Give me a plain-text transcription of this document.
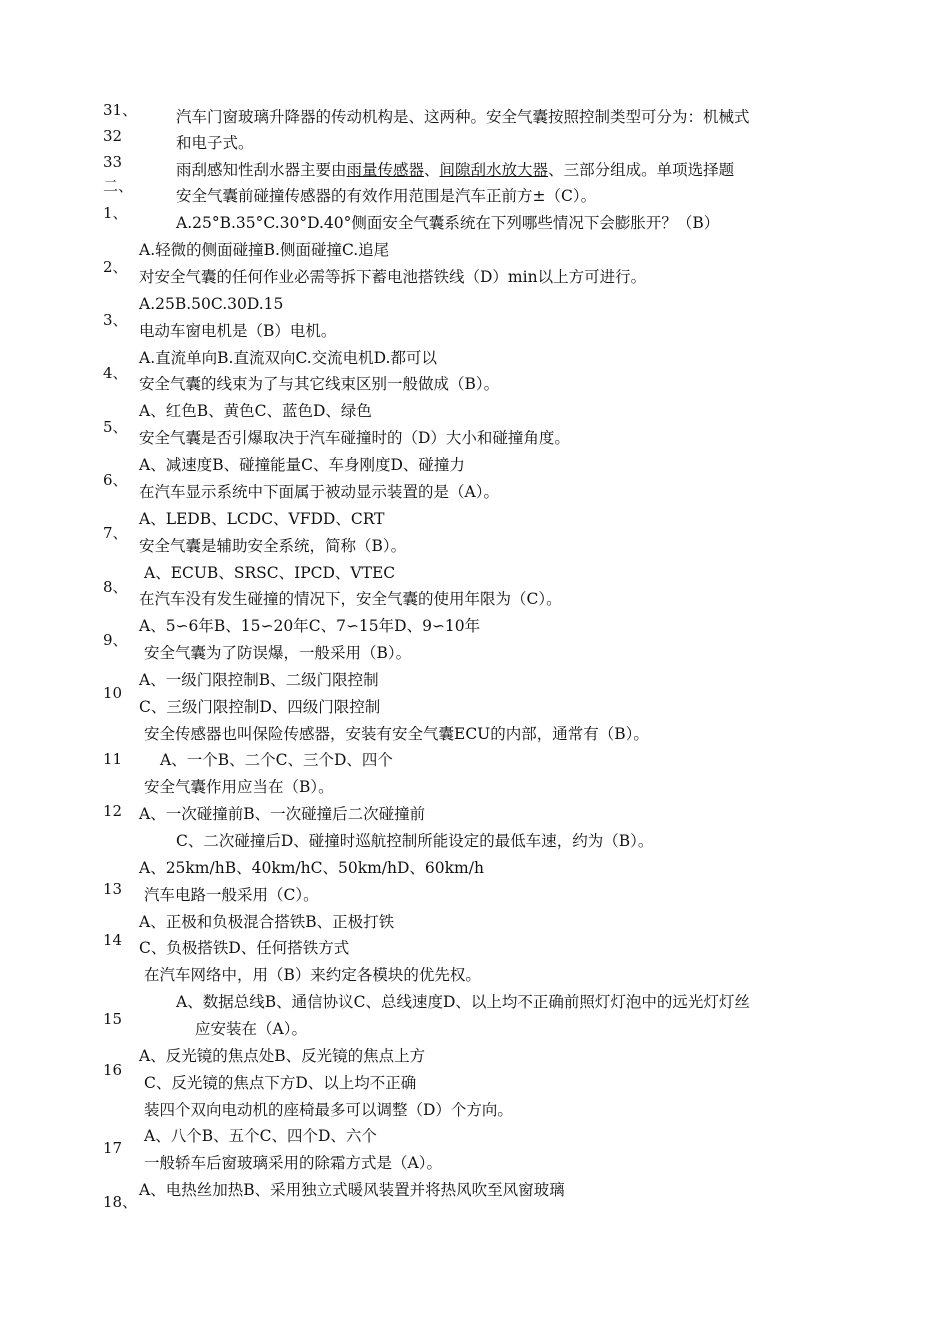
31、
32
33
二、
1、
2、
3、
4、
5、
6、
7、
8、
9、
10
11
12
13
14
15
16
17
18、
汽车门窗玻璃升降器的传动机构是、这两种。安全气囊按照控制类型可分为：机械式
和电子式。
雨刮感知性刮水器主要由雨量传感器、间隙刮水放大器、三部分组成。单项选择题
安全气囊前碰撞传感器的有效作用范围是汽车正前方±（C）。
A.25°B.35°C.30°D.40°侧面安全气囊系统在下列哪些情况下会膨胀开？（B）
A.轻微的侧面碰撞B.侧面碰撞C.追尾
对安全气囊的任何作业必需等拆下蓄电池搭铁线（D）min以上方可进行。
A.25B.50C.30D.15
电动车窗电机是（B）电机。
A.直流单向B.直流双向C.交流电机D.都可以
安全气囊的线束为了与其它线束区别一般做成（B）。
A、红色B、黄色C、蓝色D、绿色
安全气囊是否引爆取决于汽车碰撞时的（D）大小和碰撞角度。
A、减速度B、碰撞能量C、车身刚度D、碰撞力
在汽车显示系统中下面属于被动显示装置的是（A）。
A、LEDB、LCDC、VFDD、CRT
安全气囊是辅助安全系统，简称（B）。
A、ECUB、SRSC、IPCD、VTEC
在汽车没有发生碰撞的情况下，安全气囊的使用年限为（C）。
A、5∽6年B、15∽20年C、7∽15年D、9∽10年
安全气囊为了防误爆，一般采用（B）。
A、一级门限控制B、二级门限控制
C、三级门限控制D、四级门限控制
安全传感器也叫保险传感器，安装有安全气囊ECU的内部，通常有（B）。
A、一个B、二个C、三个D、四个
安全气囊作用应当在（B）。
A、一次碰撞前B、一次碰撞后二次碰撞前
C、二次碰撞后D、碰撞时巡航控制所能设定的最低车速，约为（B）。
A、25km/hB、40km/hC、50km/hD、60km/h
汽车电路一般采用（C）。
A、正极和负极混合搭铁B、正极打铁
C、负极搭铁D、任何搭铁方式
在汽车网络中，用（B）来约定各模块的优先权。
A、数据总线B、通信协议C、总线速度D、以上均不正确前照灯灯泡中的远光灯灯丝
应安装在（A）。
A、反光镜的焦点处B、反光镜的焦点上方
C、反光镜的焦点下方D、以上均不正确
装四个双向电动机的座椅最多可以调整（D）个方向。
A、八个B、五个C、四个D、六个
一般轿车后窗玻璃采用的除霜方式是（A）。
A、电热丝加热B、采用独立式暖风装置并将热风吹至风窗玻璃
